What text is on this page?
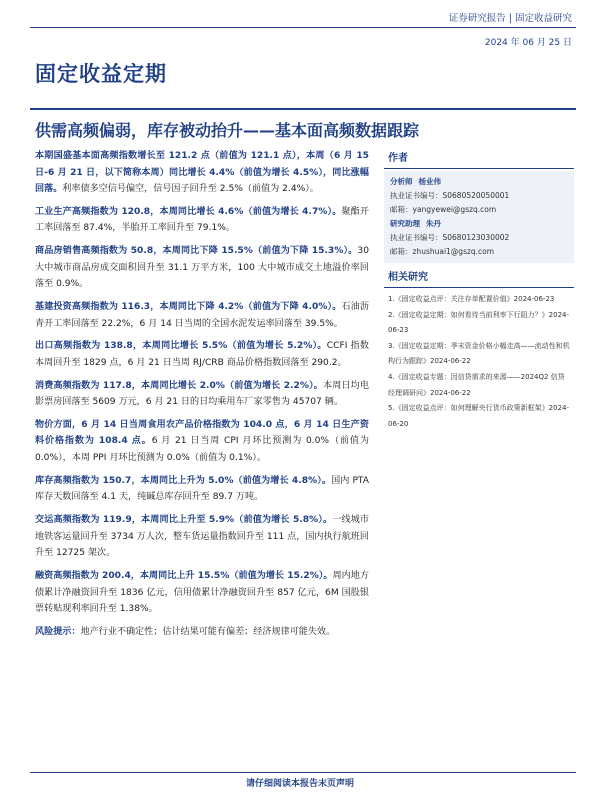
证券研究报告 | 固定收益研究
2024 年 06 月 25 日
固定收益定期
供需高频偏弱，库存被动抬升——基本面高频数据跟踪

本期国盛基本面高频指数增长至 121.2 点（前值为 121.1 点），本周（6 月 15 日-6 月 21 日，以下简称本周）同比增长 4.4%（前值为增长 4.5%），同比涨幅回落。利率债多空信号偏空，信号因子回升至 2.5%（前值为 2.4%）。

工业生产高频指数为 120.8，本周同比增长 4.6%（前值为增长 4.7%）。聚酯开工率回落至 87.4%，半胎开工率回升至 79.1%。

商品房销售高频指数为 50.8，本周同比下降 15.5%（前值为下降 15.3%）。30 大中城市商品房成交面积回升至 31.1 万平方米，100 大中城市成交土地溢价率回落至 0.9%。

基建投资高频指数为 116.3，本周同比下降 4.2%（前值为下降 4.0%）。石油沥青开工率回落至 22.2%，6 月 14 日当周的全国水泥发运率回落至 39.5%。

出口高频指数为 138.8，本周同比增长 5.5%（前值为增长 5.2%）。CCFI 指数本周回升至 1829 点，6 月 21 日当周 RJ/CRB 商品价格指数回落至 290.2。

消费高频指数为 117.8，本周同比增长 2.0%（前值为增长 2.2%）。本周日均电影票房回落至 5609 万元，6 月 21 日的日均乘用车厂家零售为 45707 辆。

物价方面，6 月 14 日当周食用农产品价格指数为 104.0 点，6 月 14 日生产资料价格指数为 108.4 点。6 月 21 日当周 CPI 月环比预测为 0.0%（前值为 0.0%），本周 PPI 月环比预测为 0.0%（前值为 0.1%）。

库存高频指数为 150.7，本周同比上升为 5.0%（前值为增长 4.8%）。国内 PTA 库存天数回落至 4.1 天，纯碱总库存回升至 89.7 万吨。

交运高频指数为 119.9，本周同比上升至 5.9%（前值为增长 5.8%）。一线城市地铁客运量回升至 3734 万人次，整车货运量指数回升至 111 点，国内执行航班回升至 12725 架次。

融资高频指数为 200.4，本周同比上升 15.5%（前值为增长 15.2%）。周内地方债累计净融资回升至 1836 亿元，信用债累计净融资回升至 857 亿元，6M 国股银票转贴现利率回升至 1.38%。

风险提示：地产行业不确定性；估计结果可能有偏差；经济规律可能失效。

作者
分析师 杨业伟
执业证书编号：S0680520050001
邮箱：yangyewei@gszq.com
研究助理 朱丹
执业证书编号：S0680123030002
邮箱：zhushuai1@gszq.com
相关研究

1.《固定收益点评：关注存单配置价值》2024-06-23

2.《固定收益定期：如何看待当前利率下行阻力？》2024-06-23

3.《固定收益定期：季末资金价格小幅走高——流动性和机构行为跟踪》2024-06-22

4.《固定收益专题：因信贷需求的来源——2024Q2 信贷经理调研问》2024-06-22

5.《固定收益点评：如何理解央行货币政策新框架》2024-06-20

请仔细阅读本报告末页声明
